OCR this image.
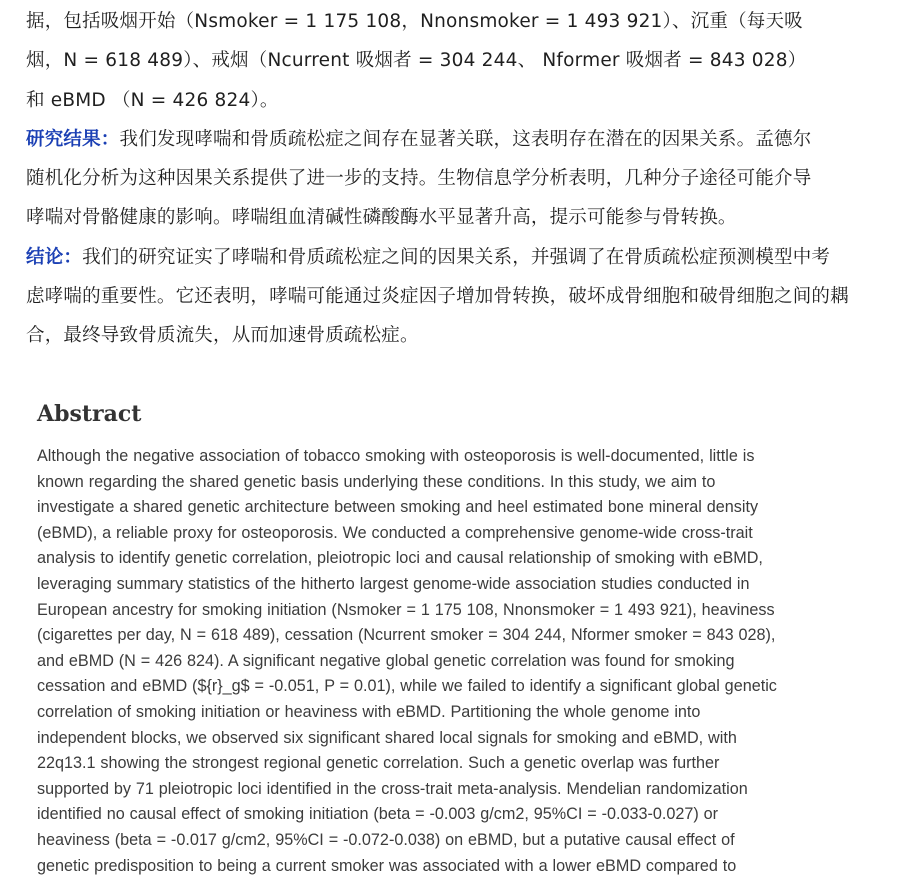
据，包括吸烟开始（Nsmoker = 1 175 108，Nnonsmoker = 1 493 921）、沉重（每天吸
烟，N = 618 489）、戒烟（Ncurrent 吸烟者 = 304 244、 Nformer 吸烟者 = 843 028）
和 eBMD （N = 426 824）。

研究结果：我们发现哮喘和骨质疏松症之间存在显著关联，这表明存在潜在的因果关系。孟德尔
随机化分析为这种因果关系提供了进一步的支持。生物信息学分析表明，几种分子途径可能介导
哮喘对骨骼健康的影响。哮喘组血清碱性磷酸酶水平显著升高，提示可能参与骨转换。

结论：我们的研究证实了哮喘和骨质疏松症之间的因果关系，并强调了在骨质疏松症预测模型中考
虑哮喘的重要性。它还表明，哮喘可能通过炎症因子增加骨转换，破坏成骨细胞和破骨细胞之间的耦
合，最终导致骨质流失，从而加速骨质疏松症。

Abstract

Although the negative association of tobacco smoking with osteoporosis is well-documented, little is
known regarding the shared genetic basis underlying these conditions. In this study, we aim to
investigate a shared genetic architecture between smoking and heel estimated bone mineral density
(eBMD), a reliable proxy for osteoporosis. We conducted a comprehensive genome-wide cross-trait
analysis to identify genetic correlation, pleiotropic loci and causal relationship of smoking with eBMD,
leveraging summary statistics of the hitherto largest genome-wide association studies conducted in
European ancestry for smoking initiation (Nsmoker = 1 175 108, Nnonsmoker = 1 493 921), heaviness
(cigarettes per day, N = 618 489), cessation (Ncurrent smoker = 304 244, Nformer smoker = 843 028),
and eBMD (N = 426 824). A significant negative global genetic correlation was found for smoking
cessation and eBMD (${r}_g$ = -0.051, P = 0.01), while we failed to identify a significant global genetic
correlation of smoking initiation or heaviness with eBMD. Partitioning the whole genome into
independent blocks, we observed six significant shared local signals for smoking and eBMD, with
22q13.1 showing the strongest regional genetic correlation. Such a genetic overlap was further
supported by 71 pleiotropic loci identified in the cross-trait meta-analysis. Mendelian randomization
identified no causal effect of smoking initiation (beta = -0.003 g/cm2, 95%CI = -0.033-0.027) or
heaviness (beta = -0.017 g/cm2, 95%CI = -0.072-0.038) on eBMD, but a putative causal effect of
genetic predisposition to being a current smoker was associated with a lower eBMD compared to
